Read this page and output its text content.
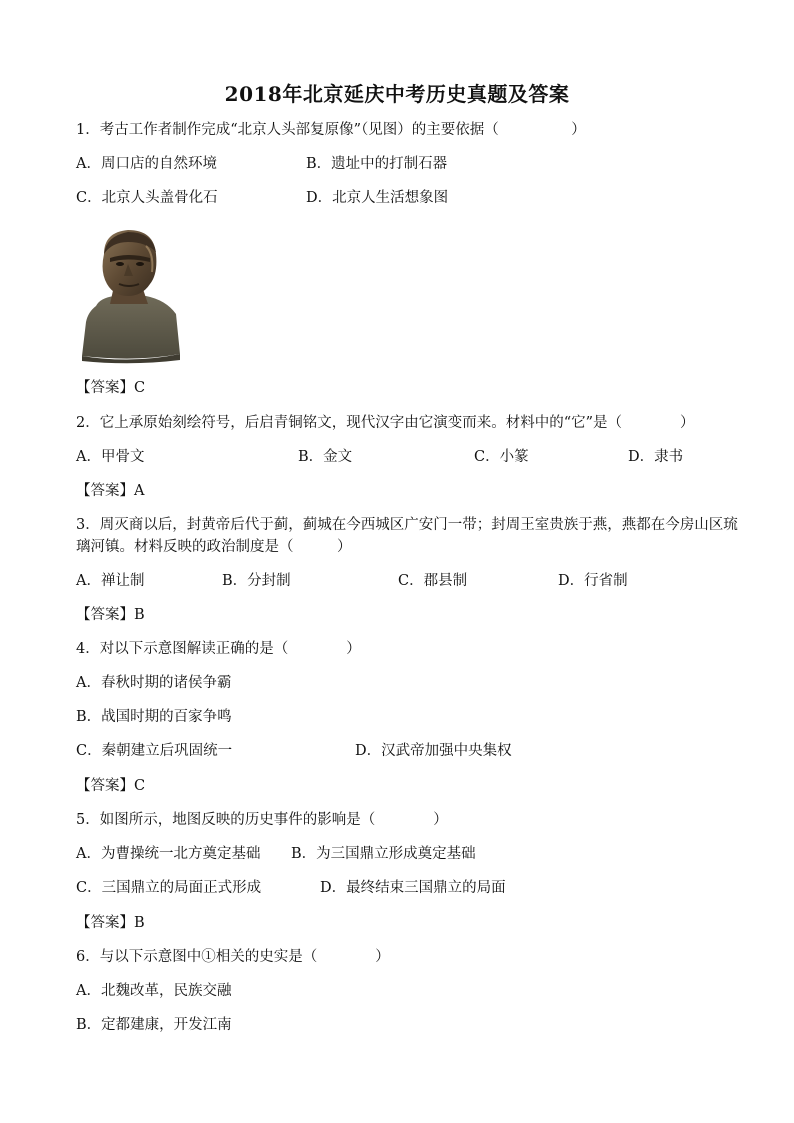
2018年北京延庆中考历史真题及答案
1．考古工作者制作完成“北京人头部复原像”（见图）的主要依据（　　　　　）
A．周口店的自然环境	B．遗址中的打制石器
C．北京人头盖骨化石	D．北京人生活想象图
【答案】C
2．它上承原始刻绘符号，后启青铜铭文，现代汉字由它演变而来。材料中的“它”是（　　　　）
A．甲骨文	B．金文	C．小篆	D．隶书
【答案】A
3．周灭商以后，封黄帝后代于蓟，蓟城在今西城区广安门一带；封周王室贵族于燕，燕都在今房山区琉
璃河镇。材料反映的政治制度是（　　　）
A．禅让制	B．分封制	C．郡县制	D．行省制
【答案】B
4．对以下示意图解读正确的是（　　　　）
A．春秋时期的诸侯争霸
B．战国时期的百家争鸣
C．秦朝建立后巩固统一	D．汉武帝加强中央集权
【答案】C
5．如图所示，地图反映的历史事件的影响是（　　　　）
A．为曹操统一北方奠定基础 B．为三国鼎立形成奠定基础
C．三国鼎立的局面正式形成	D．最终结束三国鼎立的局面
【答案】B
6．与以下示意图中①相关的史实是（　　　　）
A．北魏改革，民族交融
B．定都建康，开发江南
